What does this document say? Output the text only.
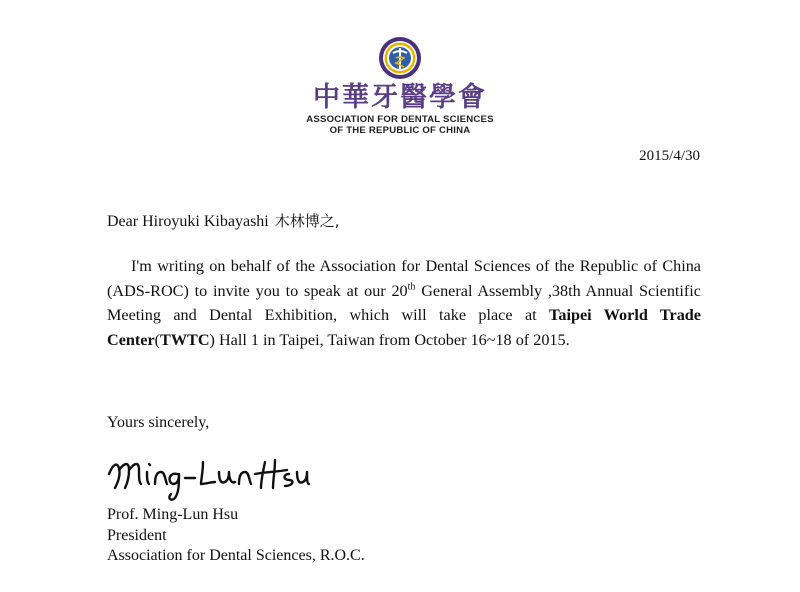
中華牙醫學會
ASSOCIATION FOR DENTAL SCIENCES
OF THE REPUBLIC OF CHINA
2015/4/30
Dear Hiroyuki Kibayashi 木林博之,

I'm writing on behalf of the Association for Dental Sciences of the Republic of China (ADS-ROC) to invite you to speak at our 20th General Assembly ,38th Annual Scientific Meeting and Dental Exhibition, which will take place at Taipei World Trade Center(TWTC) Hall 1 in Taipei, Taiwan from October 16~18 of 2015.

Yours sincerely,
Prof. Ming-Lun Hsu
President
Association for Dental Sciences, R.O.C.
